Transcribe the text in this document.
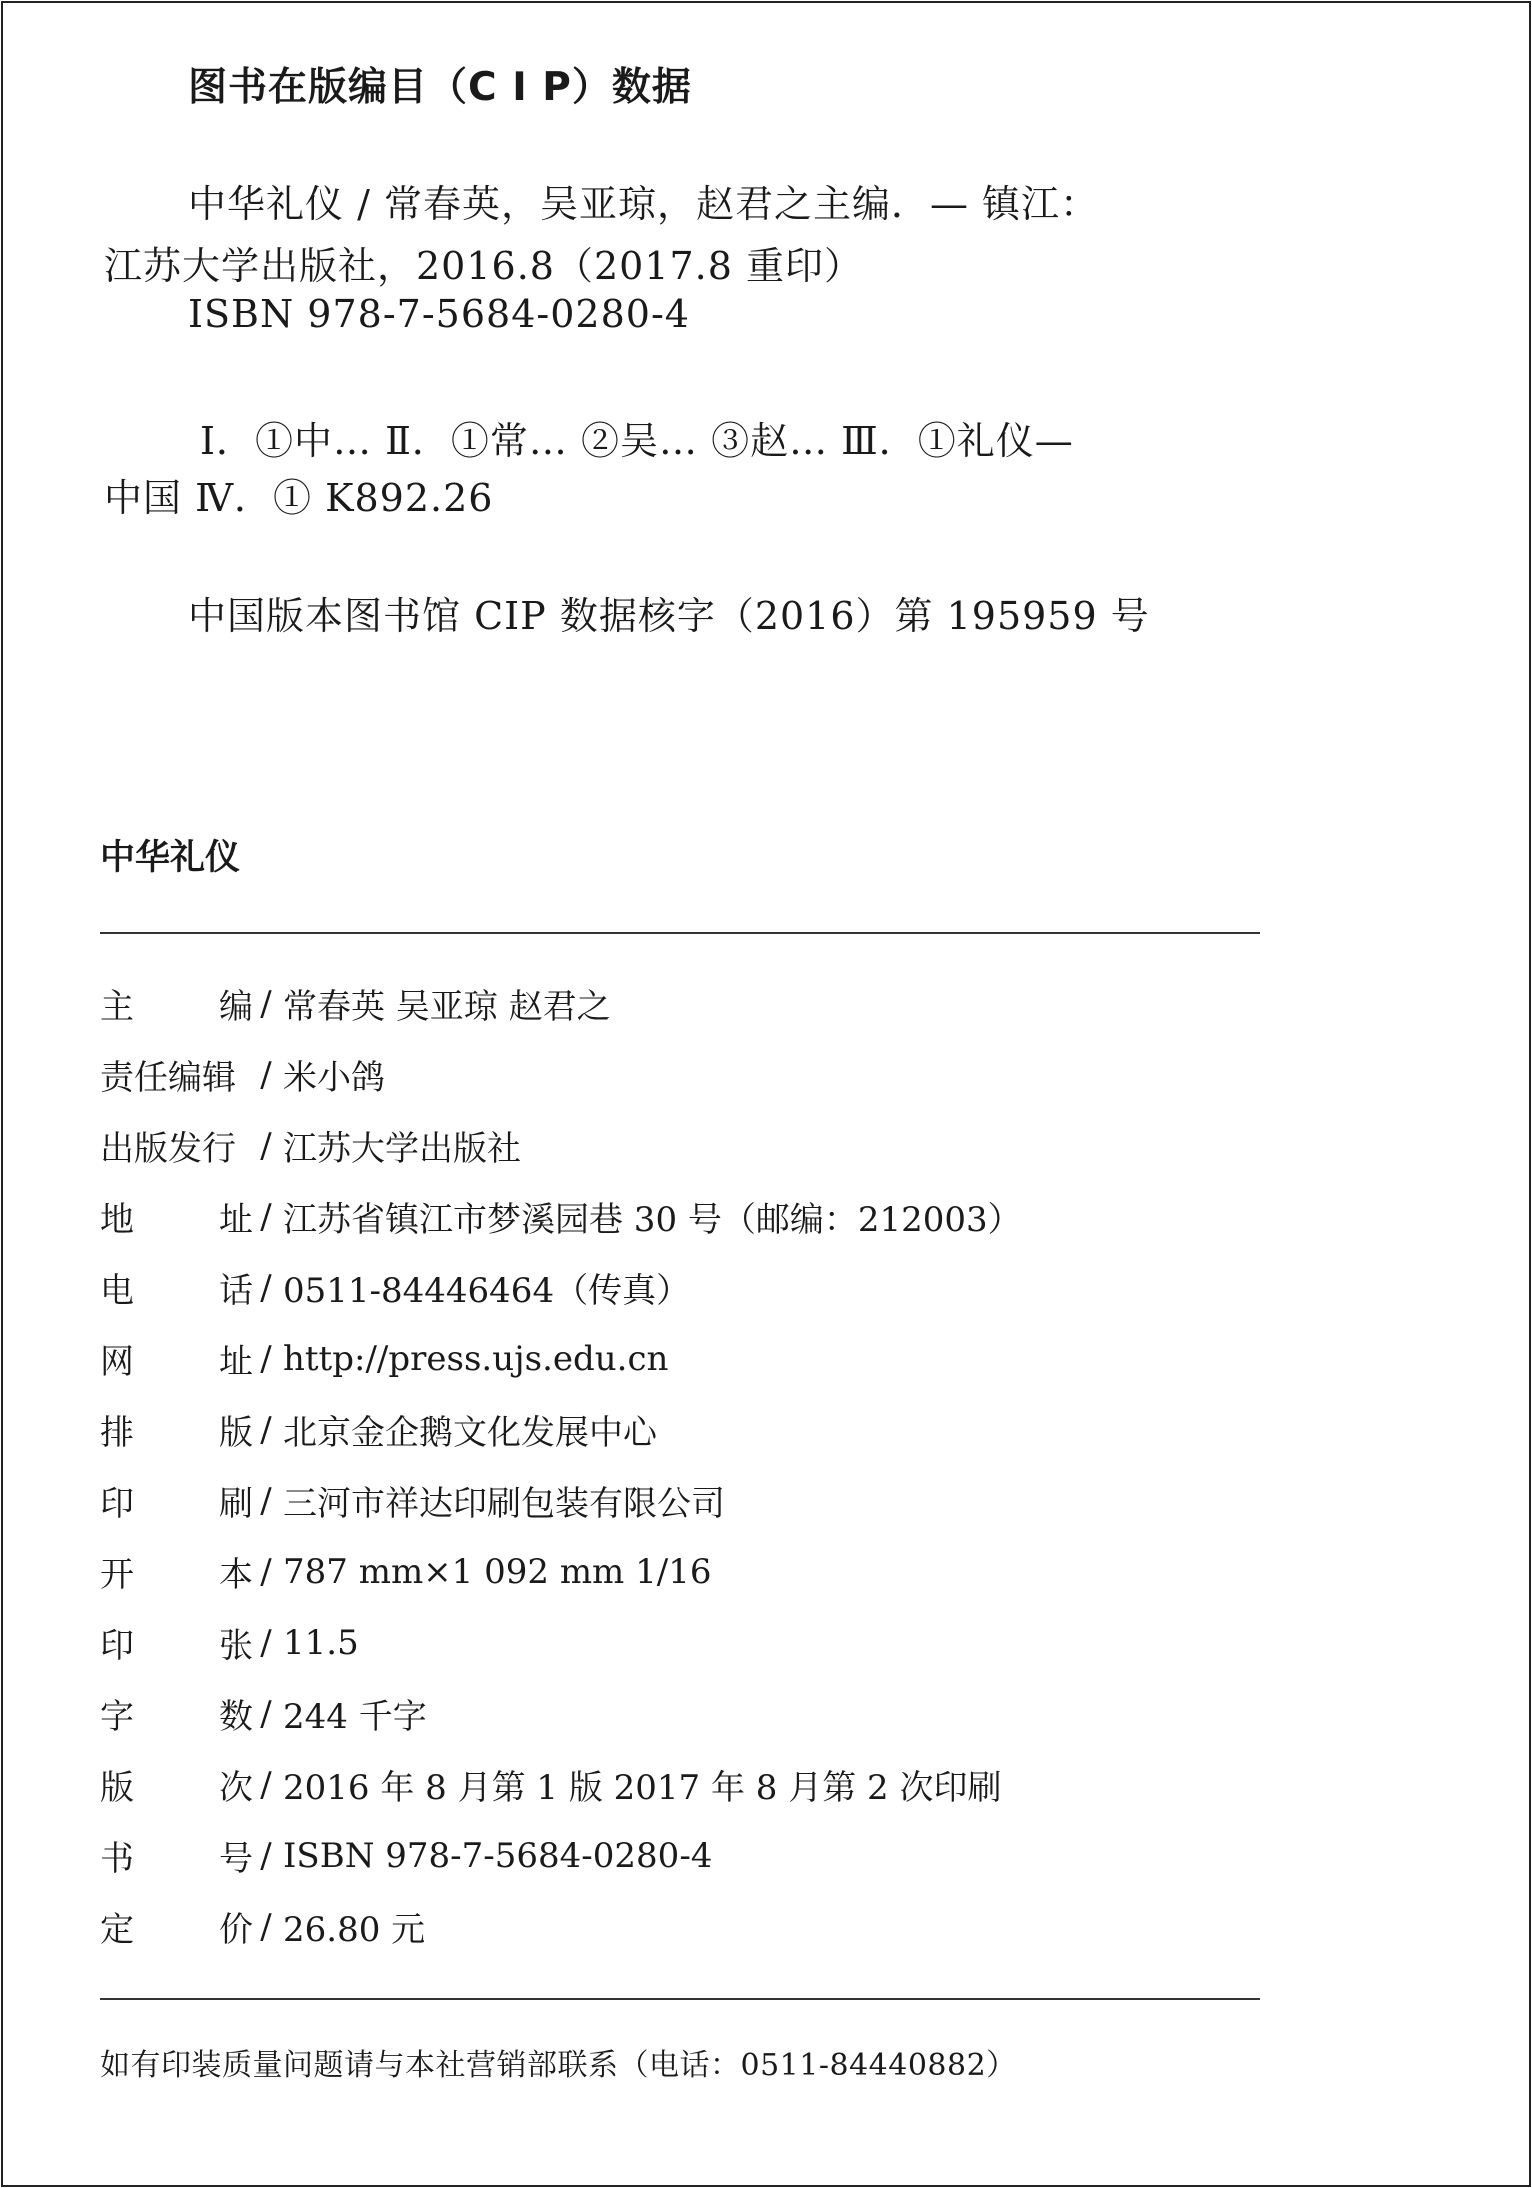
图书在版编目（C I P）数据
中华礼仪 / 常春英，吴亚琼，赵君之主编．— 镇江：
江苏大学出版社，2016.8（2017.8 重印）
ISBN 978-7-5684-0280-4
Ⅰ．①中… Ⅱ．①常… ②吴… ③赵… Ⅲ．①礼仪—
中国 Ⅳ．① K892.26
中国版本图书馆 CIP 数据核字（2016）第 195959 号
中华礼仪
主	编 / 常春英 吴亚琼 赵君之
责任编辑 / 米小鸽
出版发行 / 江苏大学出版社
地	址 / 江苏省镇江市梦溪园巷 30 号（邮编：212003）
电	话 / 0511-84446464（传真）
网	址 / http://press.ujs.edu.cn
排	版 / 北京金企鹅文化发展中心
印	刷 / 三河市祥达印刷包装有限公司
开	本 / 787 mm×1 092 mm 1/16
印	张 / 11.5
字	数 / 244 千字
版	次 / 2016 年 8 月第 1 版 2017 年 8 月第 2 次印刷
书	号 / ISBN 978-7-5684-0280-4
定	价 / 26.80 元
如有印装质量问题请与本社营销部联系（电话：0511-84440882）
